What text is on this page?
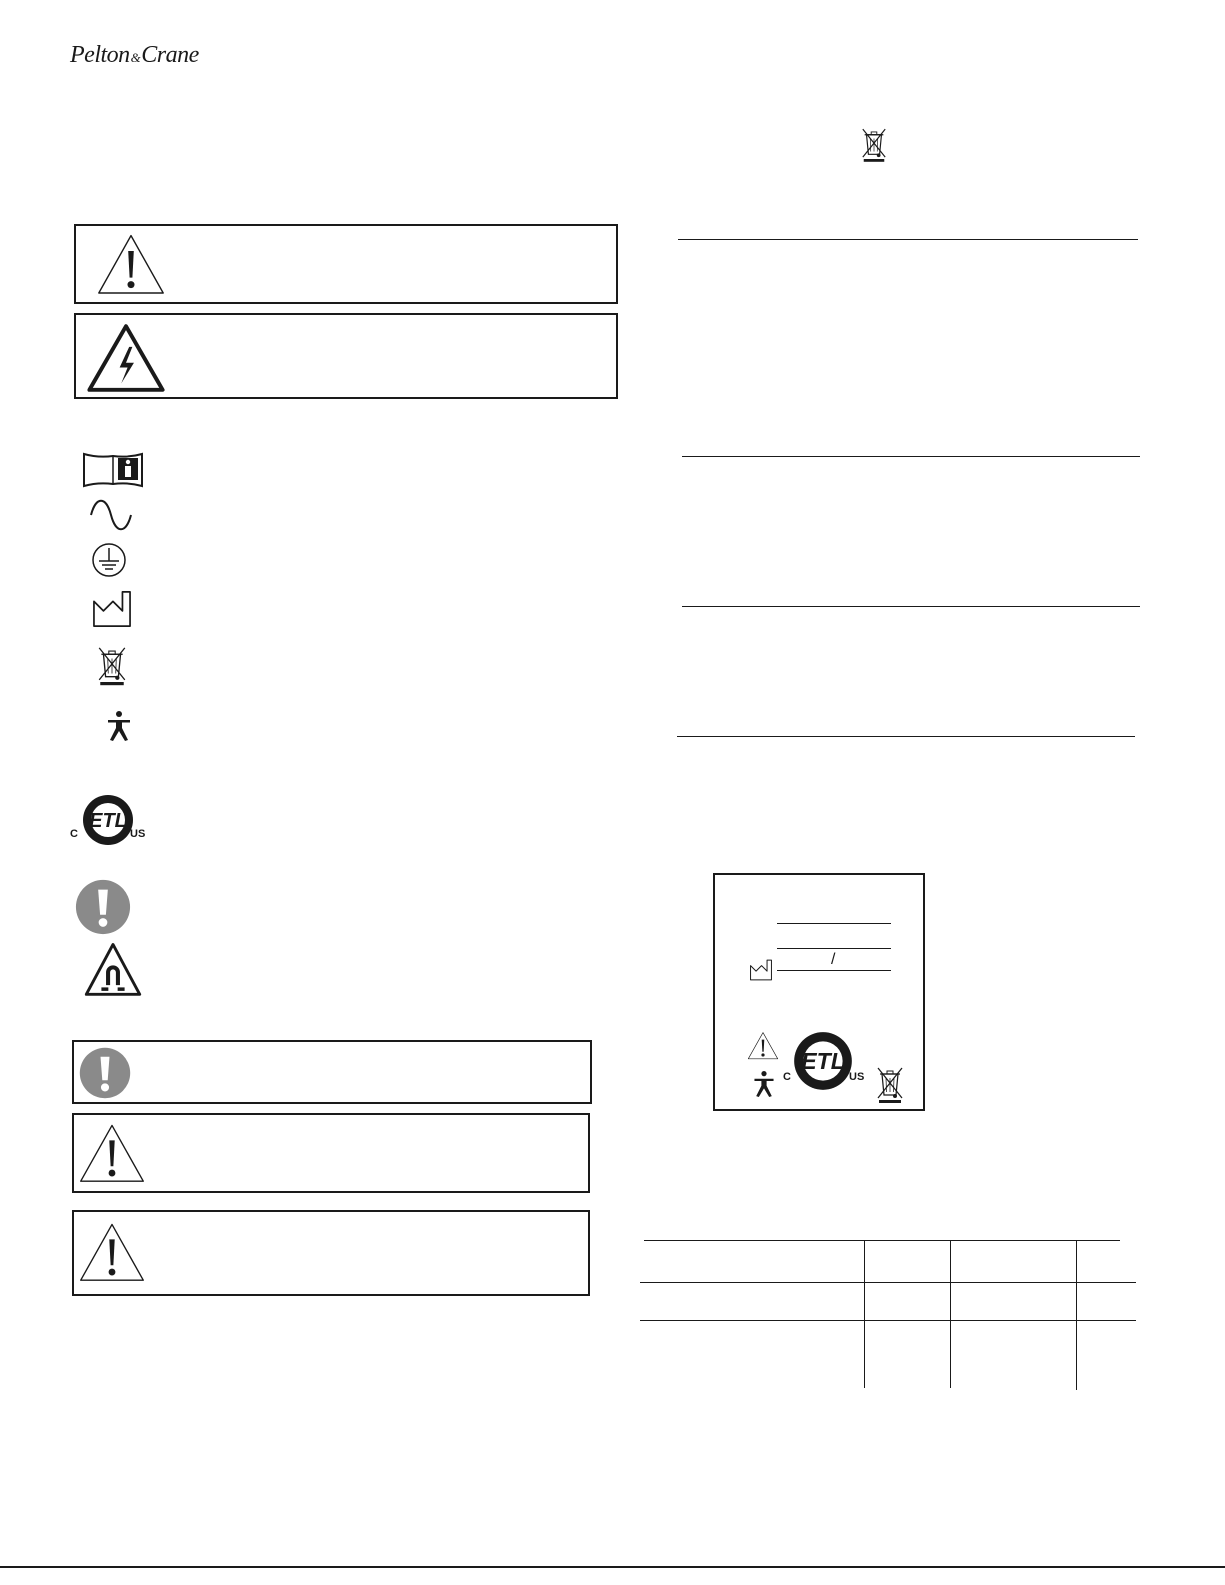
Pelton&Crane
ETL
C	US
/
ETL
C	US
